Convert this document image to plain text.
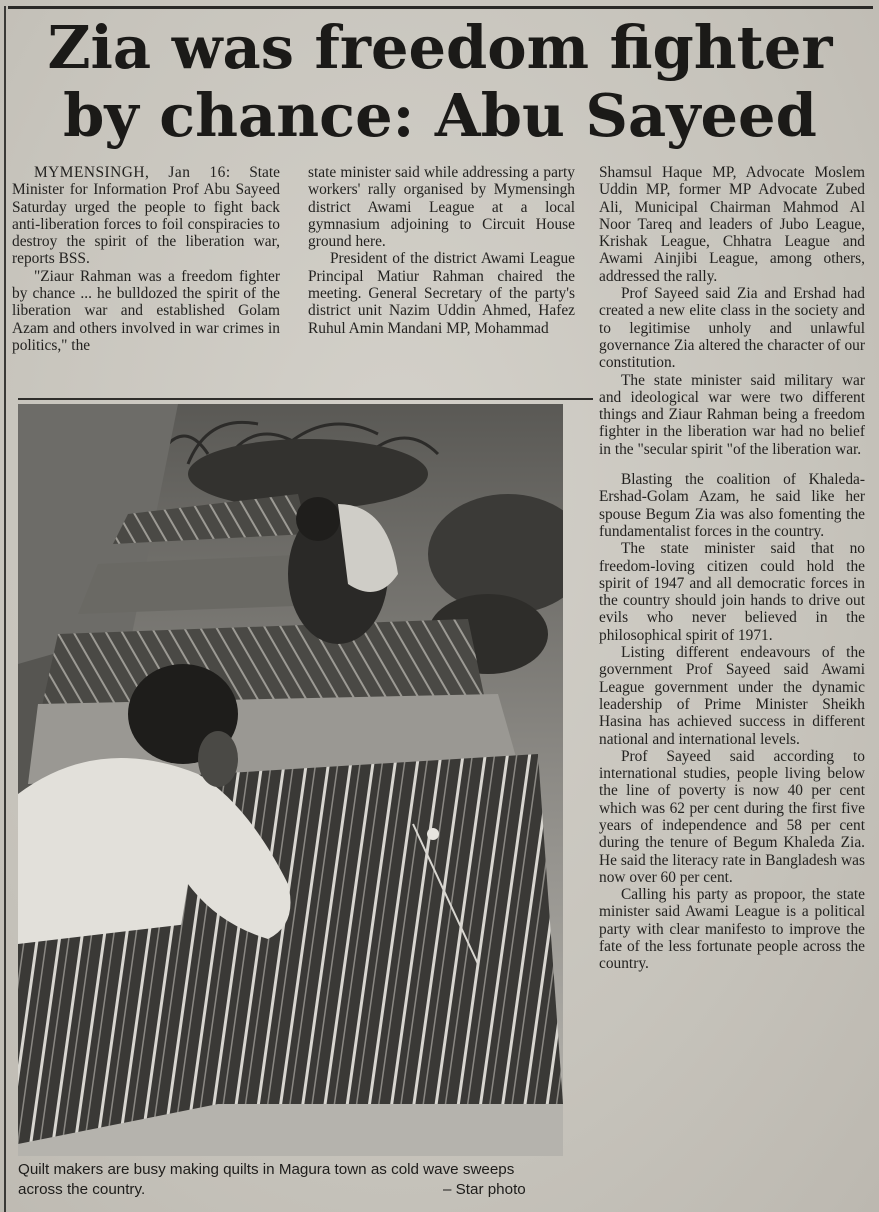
Zia was freedom fighter
by chance: Abu Sayeed

MYMENSINGH, Jan 16: State Minister for Information Prof Abu Sayeed Saturday urged the people to fight back anti-liberation forces to foil conspiracies to destroy the spirit of the liberation war, reports BSS.

"Ziaur Rahman was a freedom fighter by chance ... he bulldozed the spirit of the liberation war and established Golam Azam and others involved in war crimes in politics," the

state minister said while addressing a party workers' rally organised by Mymensingh district Awami League at a local gymnasium adjoining to Circuit House ground here.

President of the district Awami League Principal Matiur Rahman chaired the meeting. General Secretary of the party's district unit Nazim Uddin Ahmed, Hafez Ruhul Amin Mandani MP, Mohammad

Shamsul Haque MP, Advocate Moslem Uddin MP, former MP Advocate Zubed Ali, Municipal Chairman Mahmod Al Noor Tareq and leaders of Jubo League, Krishak League, Chhatra League and Awami Ainjibi League, among others, addressed the rally.

Prof Sayeed said Zia and Ershad had created a new elite class in the society and to legitimise unholy and unlawful governance Zia altered the character of our constitution.

The state minister said military war and ideological war were two different things and Ziaur Rahman being a freedom fighter in the liberation war had no belief in the "secular spirit "of the liberation war.

Blasting the coalition of Khaleda-Ershad-Golam Azam, he said like her spouse Begum Zia was also fomenting the fundamentalist forces in the country.

The state minister said that no freedom-loving citizen could hold the spirit of 1947 and all democratic forces in the country should join hands to drive out evils who never believed in the philosophical spirit of 1971.

Listing different endeavours of the government Prof Sayeed said Awami League government under the dynamic leadership of Prime Minister Sheikh Hasina has achieved success in different national and international levels.

Prof Sayeed said according to international studies, people living below the line of poverty is now 40 per cent which was 62 per cent during the first five years of independence and 58 per cent during the tenure of Begum Khaleda Zia. He said the literacy rate in Bangladesh was now over 60 per cent.

Calling his party as propoor, the state minister said Awami League is a political party with clear manifesto to improve the fate of the less fortunate people across the country.

Quilt makers are busy making quilts in Magura town as cold wave sweeps across the country.	– Star photo
